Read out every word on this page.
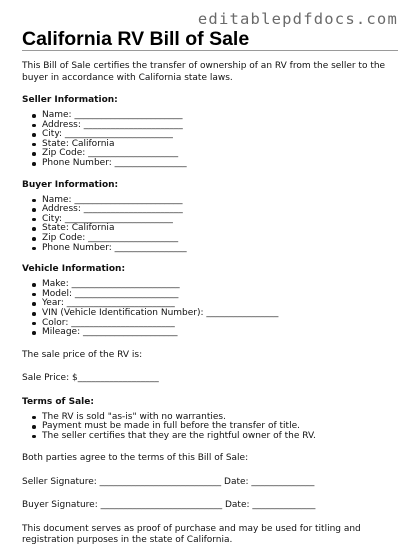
editablepdfdocs.com
California RV Bill of Sale

This Bill of Sale certifies the transfer of ownership of an RV from the seller to the buyer in accordance with California state laws.

Seller Information:
Name: ________________________
Address: ______________________
City: ________________________
State: California
Zip Code: ____________________
Phone Number: ________________
Buyer Information:
Name: ________________________
Address: ______________________
City: ________________________
State: California
Zip Code: ____________________
Phone Number: ________________
Vehicle Information:
Make: ________________________
Model: _______________________
Year: ________________________
VIN (Vehicle Identification Number): ________________
Color: _______________________
Mileage: _____________________

The sale price of the RV is:

Sale Price: $__________________

Terms of Sale:
The RV is sold "as-is" with no warranties.
Payment must be made in full before the transfer of title.
The seller certifies that they are the rightful owner of the RV.

Both parties agree to the terms of this Bill of Sale:

Seller Signature: ___________________________ Date: ______________

Buyer Signature: ___________________________ Date: ______________

This document serves as proof of purchase and may be used for titling and registration purposes in the state of California.
